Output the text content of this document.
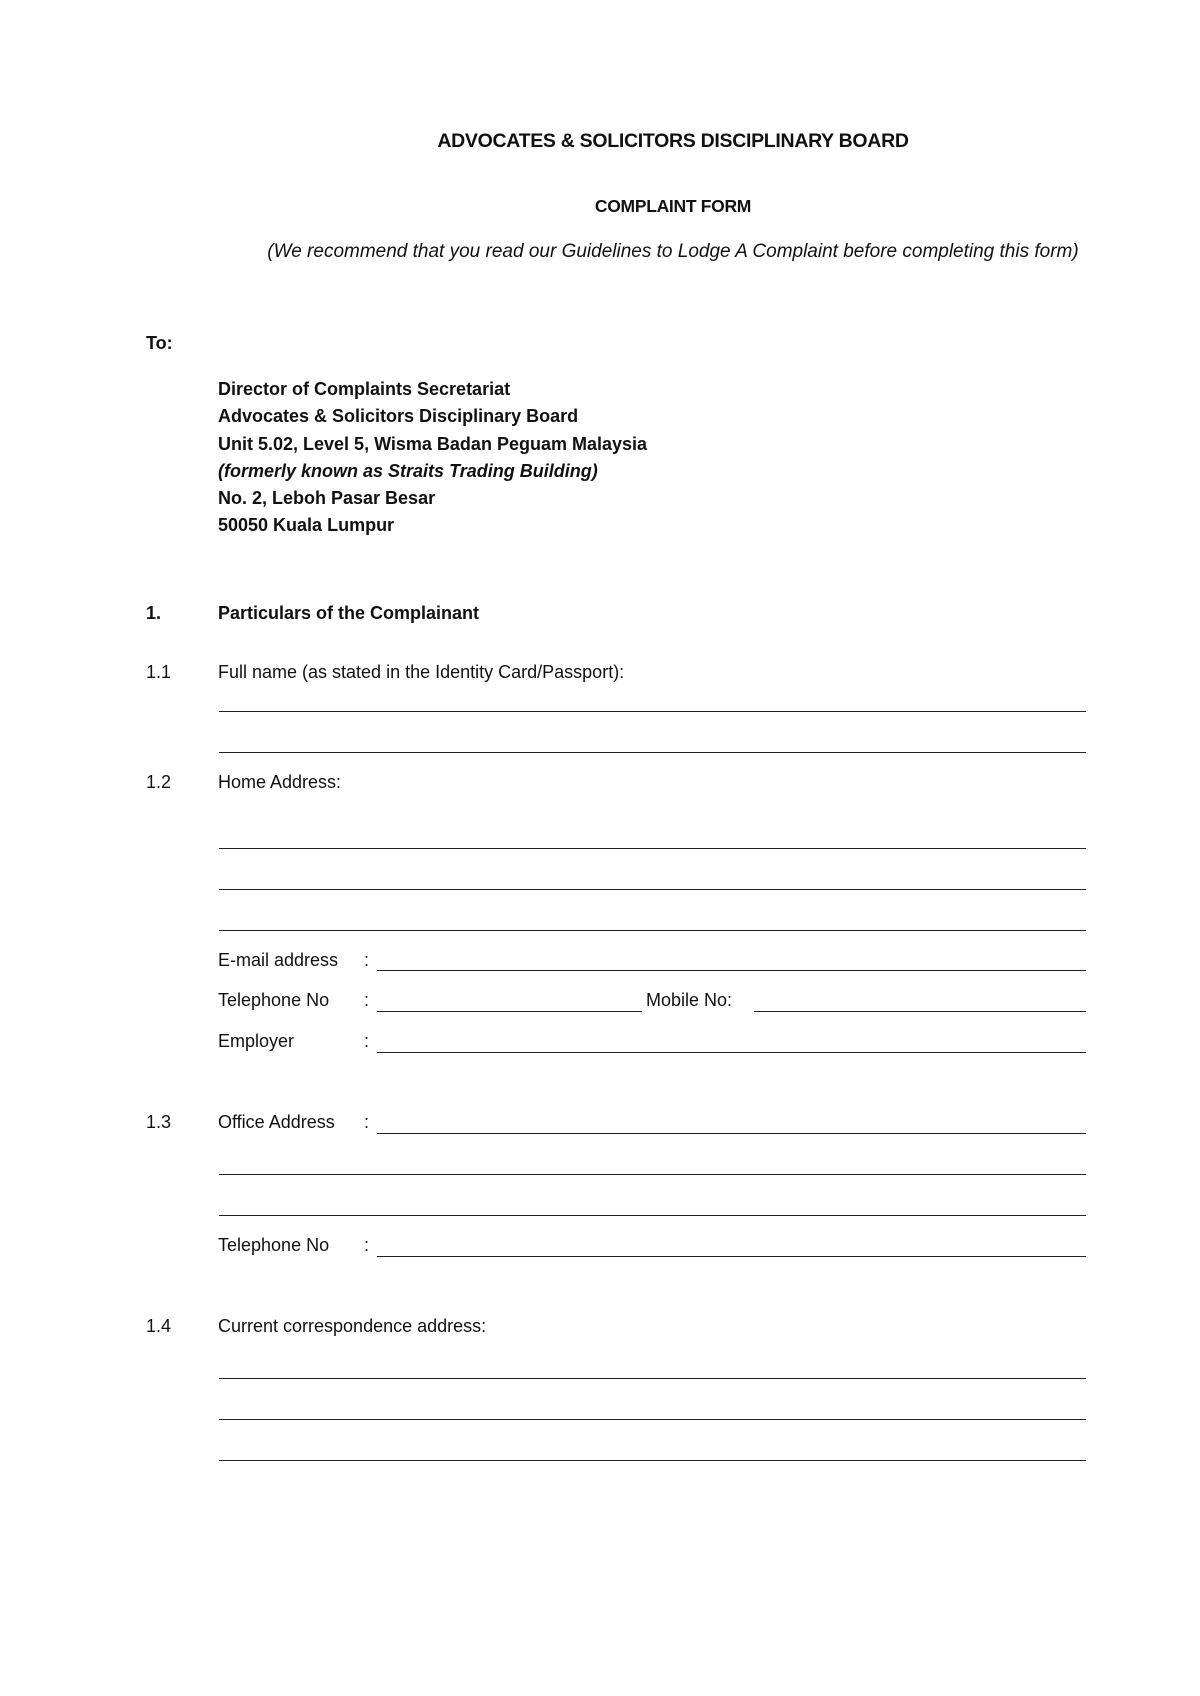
ADVOCATES & SOLICITORS DISCIPLINARY BOARD
COMPLAINT FORM
(We recommend that you read our Guidelines to Lodge A Complaint before completing this form)
To:
Director of Complaints Secretariat
Advocates & Solicitors Disciplinary Board
Unit 5.02, Level 5, Wisma Badan Peguam Malaysia
(formerly known as Straits Trading Building)
No. 2, Leboh Pasar Besar
50050 Kuala Lumpur
1.	Particulars of the Complainant
1.1	Full name (as stated in the Identity Card/Passport):
1.2	Home Address:
E-mail address :
Telephone No :	Mobile No:
Employer	:
1.3	Office Address :
Telephone No :
1.4	Current correspondence address:
